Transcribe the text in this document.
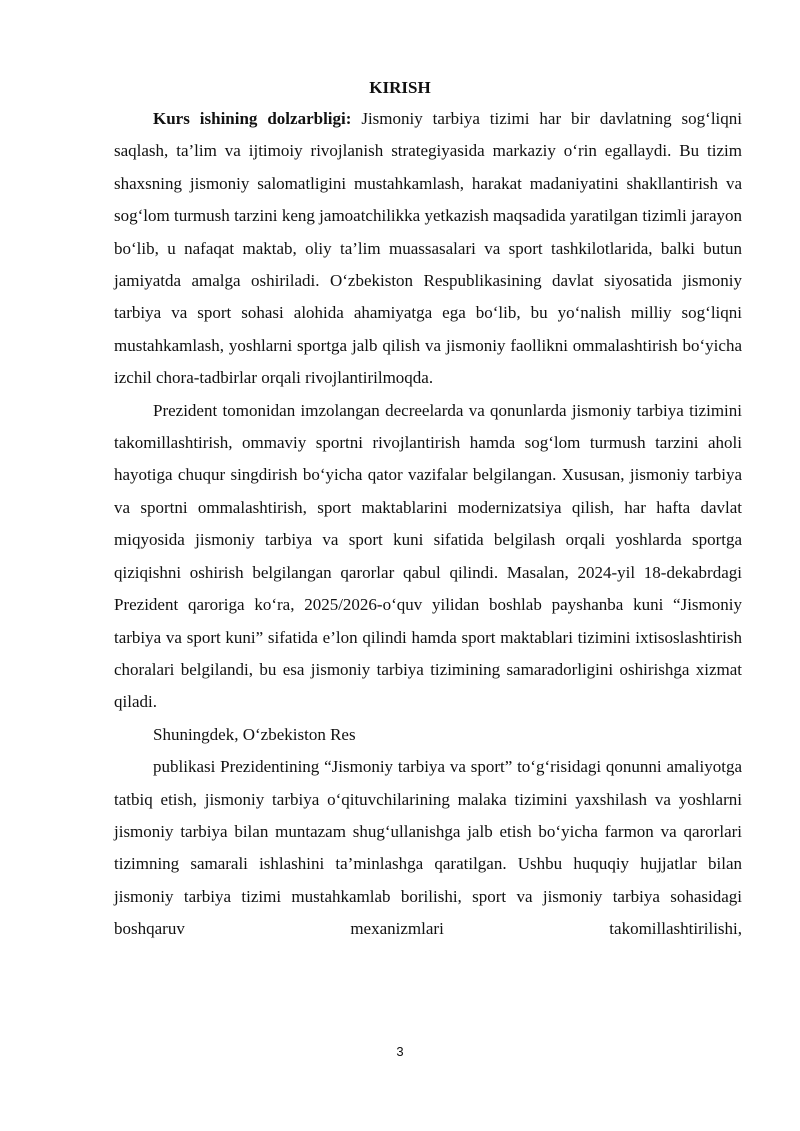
KIRISH

Kurs ishining dolzarbligi: Jismoniy tarbiya tizimi har bir davlatning sog‘liqni saqlash, ta’lim va ijtimoiy rivojlanish strategiyasida markaziy o‘rin egallaydi. Bu tizim shaxsning jismoniy salomatligini mustahkamlash, harakat madaniyatini shakllantirish va sog‘lom turmush tarzini keng jamoatchilikka yetkazish maqsadida yaratilgan tizimli jarayon bo‘lib, u nafaqat maktab, oliy ta’lim muassasalari va sport tashkilotlarida, balki butun jamiyatda amalga oshiriladi. O‘zbekiston Respublikasining davlat siyosatida jismoniy tarbiya va sport sohasi alohida ahamiyatga ega bo‘lib, bu yo‘nalish milliy sog‘liqni mustahkamlash, yoshlarni sportga jalb qilish va jismoniy faollikni ommalashtirish bo‘yicha izchil chora-tadbirlar orqali rivojlantirilmoqda.

Prezident tomonidan imzolangan decreelarda va qonunlarda jismoniy tarbiya tizimini takomillashtirish, ommaviy sportni rivojlantirish hamda sog‘lom turmush tarzini aholi hayotiga chuqur singdirish bo‘yicha qator vazifalar belgilangan. Xususan, jismoniy tarbiya va sportni ommalashtirish, sport maktablarini modernizatsiya qilish, har hafta davlat miqyosida jismoniy tarbiya va sport kuni sifatida belgilash orqali yoshlarda sportga qiziqishni oshirish belgilangan qarorlar qabul qilindi. Masalan, 2024-yil 18-dekabrdagi Prezident qaroriga ko‘ra, 2025/2026-o‘quv yilidan boshlab payshanba kuni “Jismoniy tarbiya va sport kuni” sifatida e’lon qilindi hamda sport maktablari tizimini ixtisoslashtirish choralari belgilandi, bu esa jismoniy tarbiya tizimining samaradorligini oshirishga xizmat qiladi.

Shuningdek, O‘zbekiston Res

publikasi Prezidentining “Jismoniy tarbiya va sport” to‘g‘risidagi qonunni amaliyotga tatbiq etish, jismoniy tarbiya o‘qituvchilarining malaka tizimini yaxshilash va yoshlarni jismoniy tarbiya bilan muntazam shug‘ullanishga jalb etish bo‘yicha farmon va qarorlari tizimning samarali ishlashini ta’minlashga qaratilgan. Ushbu huquqiy hujjatlar bilan jismoniy tarbiya tizimi mustahkamlab borilishi, sport va jismoniy tarbiya sohasidagi boshqaruv mexanizmlari takomillashtirilishi,

3
